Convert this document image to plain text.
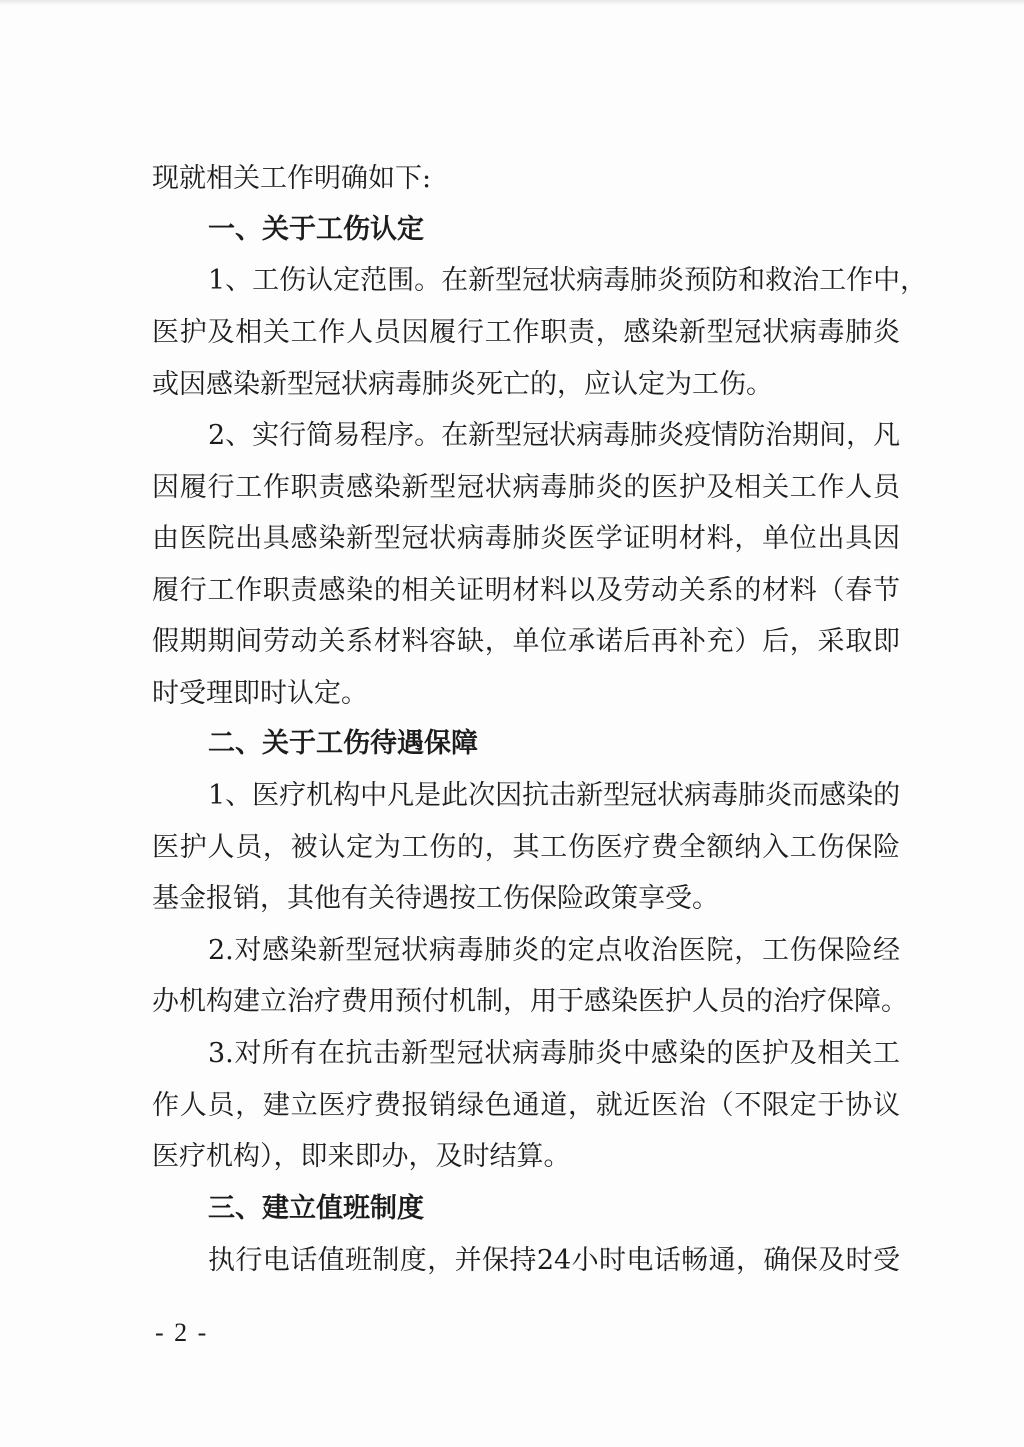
现就相关工作明确如下:
一、关于工伤认定
1、工伤认定范围。在新型冠状病毒肺炎预防和救治工作中，
医护及相关工作人员因履行工作职责，感染新型冠状病毒肺炎
或因感染新型冠状病毒肺炎死亡的，应认定为工伤。
2、实行简易程序。在新型冠状病毒肺炎疫情防治期间，凡
因履行工作职责感染新型冠状病毒肺炎的医护及相关工作人员
由医院出具感染新型冠状病毒肺炎医学证明材料，单位出具因
履行工作职责感染的相关证明材料以及劳动关系的材料（春节
假期期间劳动关系材料容缺，单位承诺后再补充）后，采取即
时受理即时认定。
二、关于工伤待遇保障
1、医疗机构中凡是此次因抗击新型冠状病毒肺炎而感染的
医护人员，被认定为工伤的，其工伤医疗费全额纳入工伤保险
基金报销，其他有关待遇按工伤保险政策享受。
2.对感染新型冠状病毒肺炎的定点收治医院，工伤保险经
办机构建立治疗费用预付机制，用于感染医护人员的治疗保障。
3.对所有在抗击新型冠状病毒肺炎中感染的医护及相关工
作人员，建立医疗费报销绿色通道，就近医治（不限定于协议
医疗机构），即来即办，及时结算。
三、建立值班制度
执行电话值班制度，并保持24小时电话畅通，确保及时受
- 2 -
